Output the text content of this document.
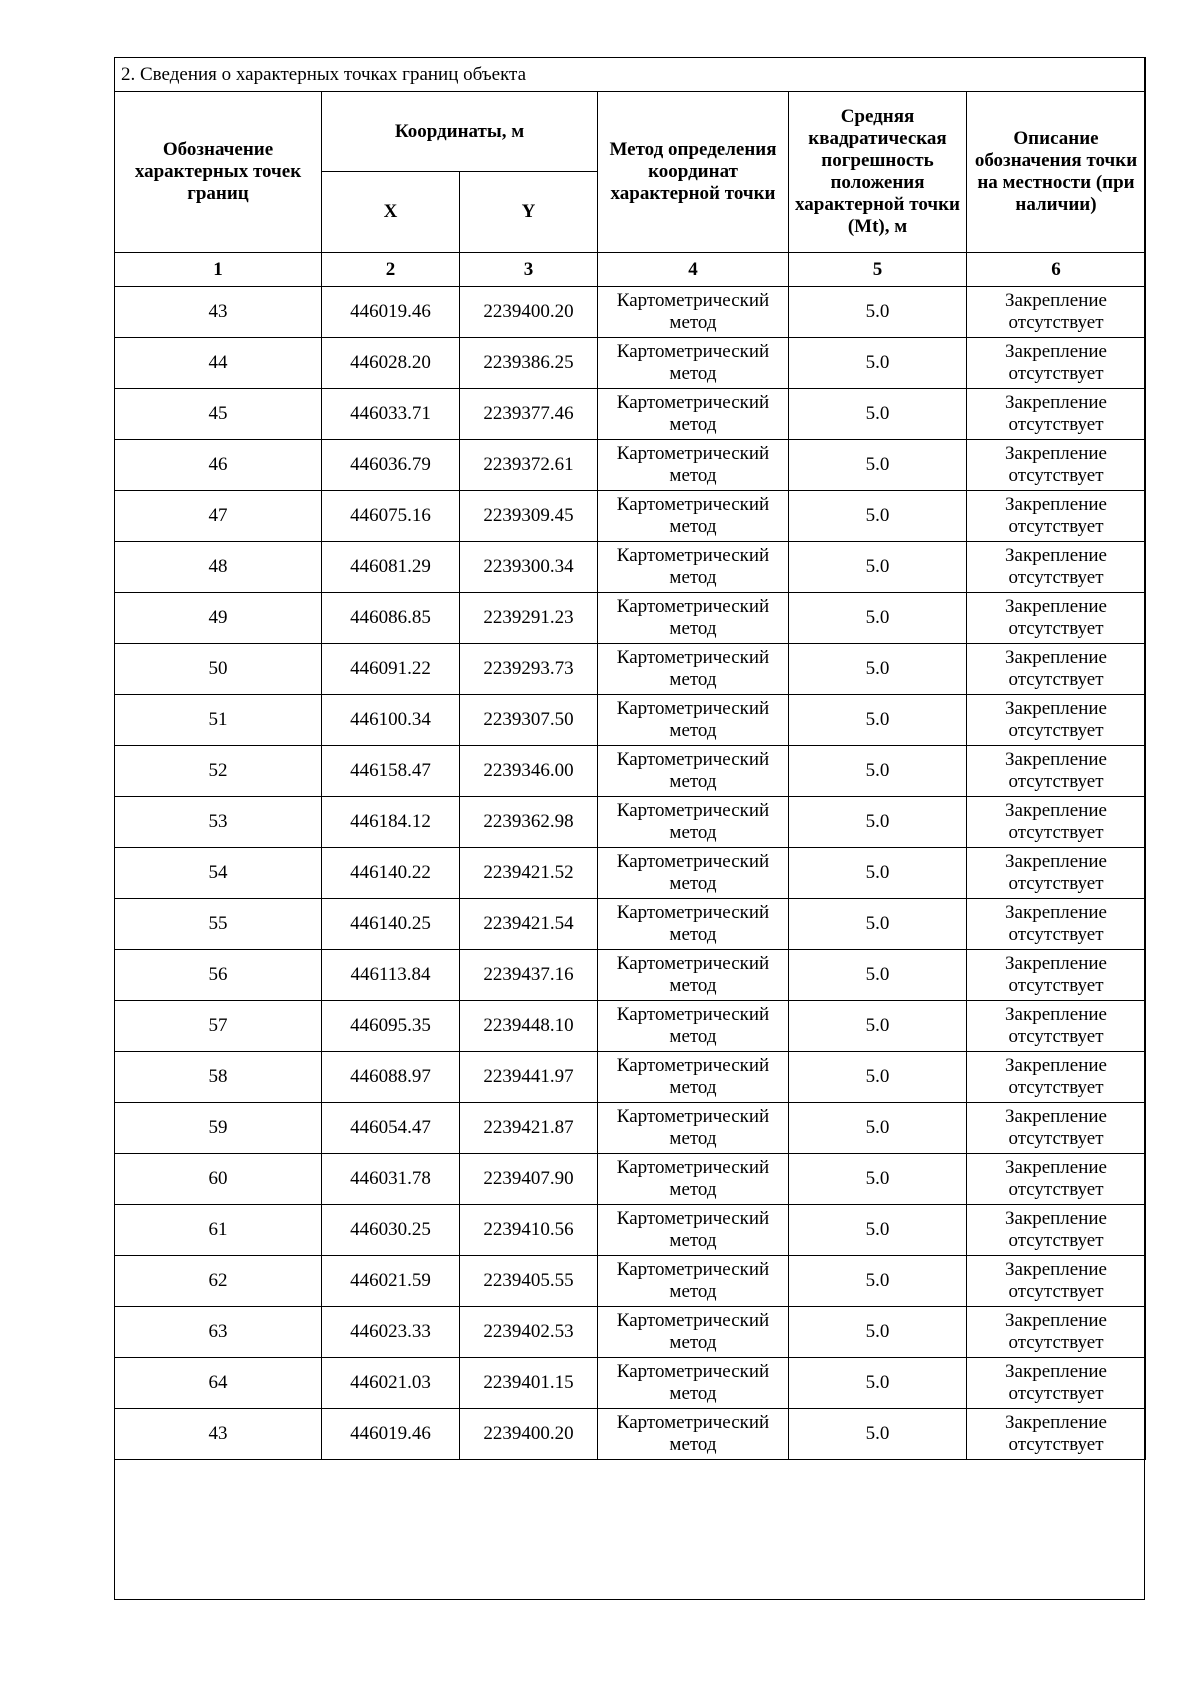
2. Сведения о характерных точках границ объекта					
Обозначение характерных точек границ	Координаты, м		Метод определения координат характерной точки	Средняя квадратическая погрешность положения характерной точки (Mt), м	Описание обозначения точки на местности (при наличии)
	X	Y			
1	2	3	4	5	6
43	446019.46	2239400.20	Картометрический метод	5.0	Закрепление отсутствует
44	446028.20	2239386.25	Картометрический метод	5.0	Закрепление отсутствует
45	446033.71	2239377.46	Картометрический метод	5.0	Закрепление отсутствует
46	446036.79	2239372.61	Картометрический метод	5.0	Закрепление отсутствует
47	446075.16	2239309.45	Картометрический метод	5.0	Закрепление отсутствует
48	446081.29	2239300.34	Картометрический метод	5.0	Закрепление отсутствует
49	446086.85	2239291.23	Картометрический метод	5.0	Закрепление отсутствует
50	446091.22	2239293.73	Картометрический метод	5.0	Закрепление отсутствует
51	446100.34	2239307.50	Картометрический метод	5.0	Закрепление отсутствует
52	446158.47	2239346.00	Картометрический метод	5.0	Закрепление отсутствует
53	446184.12	2239362.98	Картометрический метод	5.0	Закрепление отсутствует
54	446140.22	2239421.52	Картометрический метод	5.0	Закрепление отсутствует
55	446140.25	2239421.54	Картометрический метод	5.0	Закрепление отсутствует
56	446113.84	2239437.16	Картометрический метод	5.0	Закрепление отсутствует
57	446095.35	2239448.10	Картометрический метод	5.0	Закрепление отсутствует
58	446088.97	2239441.97	Картометрический метод	5.0	Закрепление отсутствует
59	446054.47	2239421.87	Картометрический метод	5.0	Закрепление отсутствует
60	446031.78	2239407.90	Картометрический метод	5.0	Закрепление отсутствует
61	446030.25	2239410.56	Картометрический метод	5.0	Закрепление отсутствует
62	446021.59	2239405.55	Картометрический метод	5.0	Закрепление отсутствует
63	446023.33	2239402.53	Картометрический метод	5.0	Закрепление отсутствует
64	446021.03	2239401.15	Картометрический метод	5.0	Закрепление отсутствует
43	446019.46	2239400.20	Картометрический метод	5.0	Закрепление отсутствует
